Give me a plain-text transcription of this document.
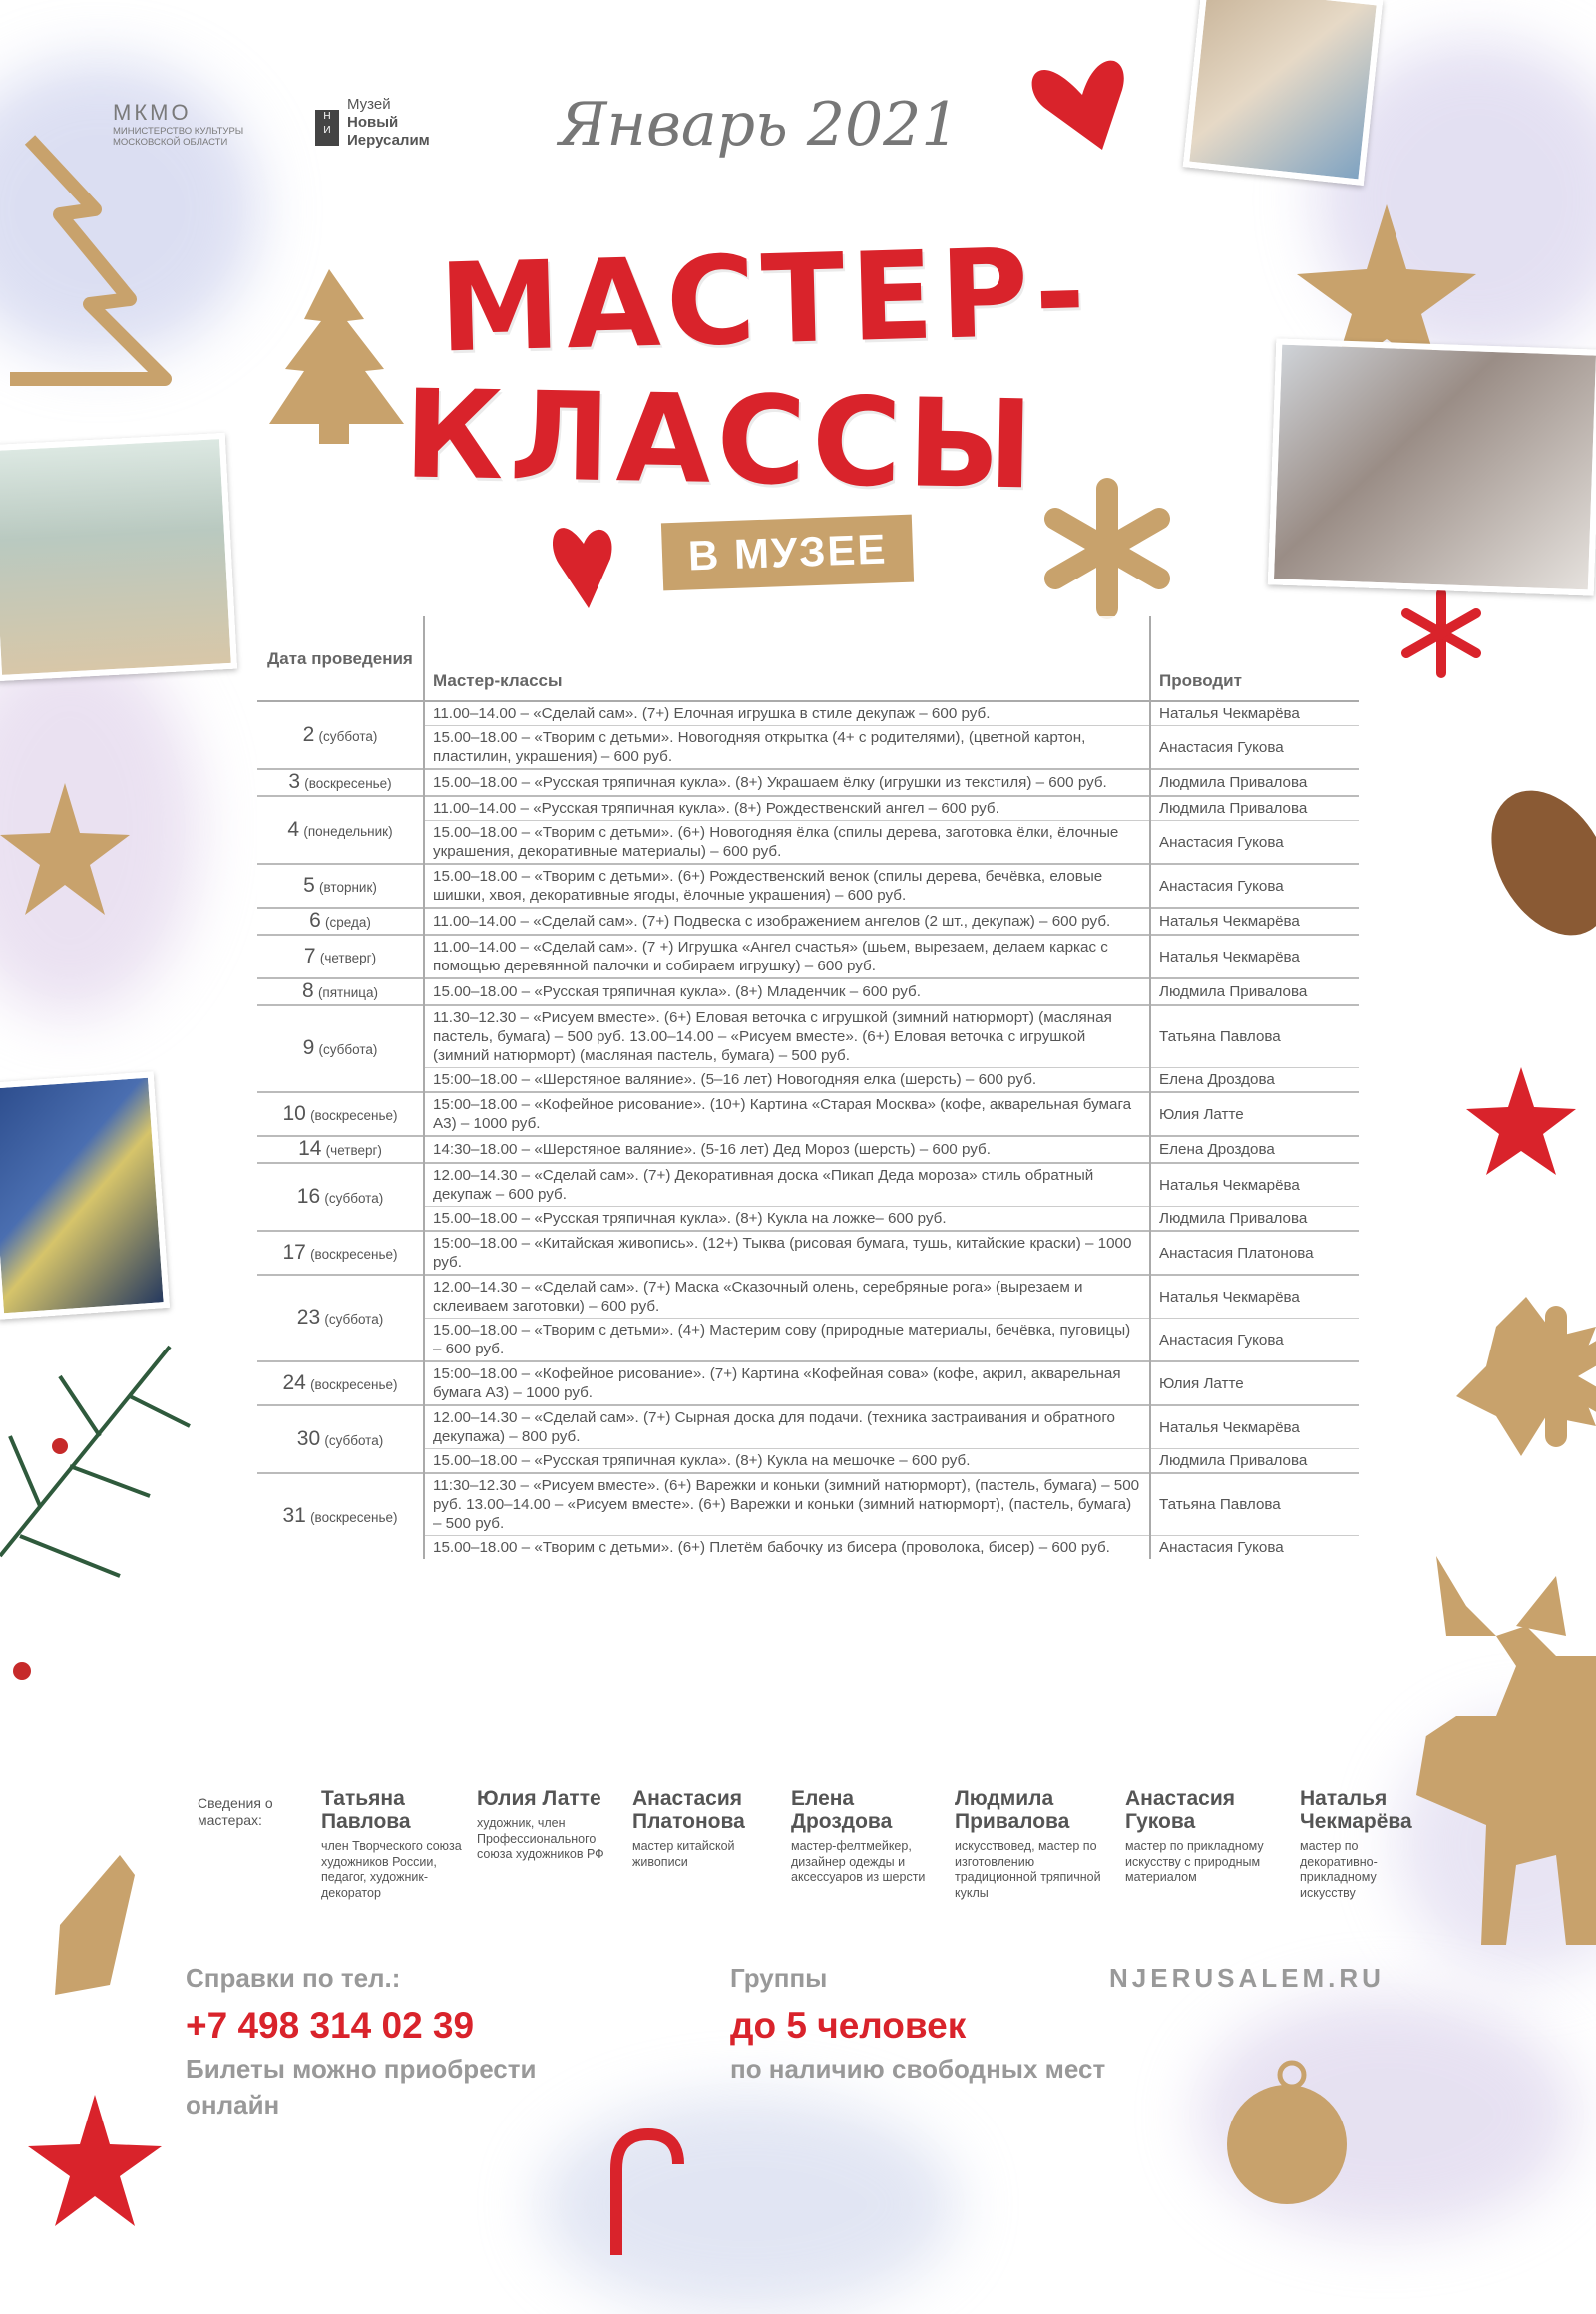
МКМО
МИНИСТЕРСТВО КУЛЬТУРЫ
МОСКОВСКОЙ ОБЛАСТИ
Н
И
Музей
Новый
Иерусалим Январь 2021
МАСТЕР-
КЛАССЫ
В МУЗЕЕ
Дата проведения	Мастер-классы	Проводит
2 (суббота)	11.00–14.00 – «Сделай сам». (7+) Елочная игрушка в стиле декупаж – 600 руб.	Наталья Чекмарёва
	15.00–18.00 – «Творим с детьми». Новогодняя открытка (4+ с родителями), (цветной картон, пластилин, украшения) – 600 руб.	Анастасия Гукова
3 (воскресенье)	15.00–18.00 – «Русская тряпичная кукла». (8+) Украшаем ёлку (игрушки из текстиля) – 600 руб.	Людмила Привалова
4 (понедельник)	11.00–14.00 – «Русская тряпичная кукла». (8+) Рождественский ангел – 600 руб.	Людмила Привалова
	15.00–18.00 – «Творим с детьми». (6+) Новогодняя ёлка (спилы дерева, заготовка ёлки, ёлочные украшения, декоративные материалы) – 600 руб.	Анастасия Гукова
5 (вторник)	15.00–18.00 – «Творим с детьми». (6+) Рождественский венок (спилы дерева, бечёвка, еловые шишки, хвоя, декоративные ягоды, ёлочные украшения) – 600 руб.	Анастасия Гукова
6 (среда)	11.00–14.00 – «Сделай сам». (7+) Подвеска с изображением ангелов (2 шт., декупаж) – 600 руб.	Наталья Чекмарёва
7 (четверг)	11.00–14.00 – «Сделай сам». (7 +) Игрушка «Ангел счастья» (шьем, вырезаем, делаем каркас с помощью деревянной палочки и собираем игрушку) – 600 руб.	Наталья Чекмарёва
8 (пятница)	15.00–18.00 – «Русская тряпичная кукла». (8+) Младенчик – 600 руб.	Людмила Привалова
9 (суббота)	11.30–12.30 – «Рисуем вместе». (6+) Еловая веточка с игрушкой (зимний натюрморт) (масляная пастель, бумага) – 500 руб. 13.00–14.00 – «Рисуем вместе». (6+) Еловая веточка с игрушкой (зимний натюрморт) (масляная пастель, бумага) – 500 руб.	Татьяна Павлова
	15:00–18.00 – «Шерстяное валяние». (5–16 лет) Новогодняя елка (шерсть) – 600 руб.	Елена Дроздова
10 (воскресенье)	15:00–18.00 – «Кофейное рисование». (10+) Картина «Старая Москва» (кофе, акварельная бумага А3) – 1000 руб.	Юлия Латте
14 (четверг)	14:30–18.00 – «Шерстяное валяние». (5-16 лет) Дед Мороз (шерсть) – 600 руб.	Елена Дроздова
16 (суббота)	12.00–14.30 – «Сделай сам». (7+) Декоративная доска «Пикап Деда мороза» стиль обратный декупаж – 600 руб.	Наталья Чекмарёва
	15.00–18.00 – «Русская тряпичная кукла». (8+) Кукла на ложке– 600 руб.	Людмила Привалова
17 (воскресенье)	15:00–18.00 – «Китайская живопись». (12+) Тыква (рисовая бумага, тушь, китайские краски) – 1000 руб.	Анастасия Платонова
23 (суббота)	12.00–14.30 – «Сделай сам». (7+) Маска «Сказочный олень, серебряные рога» (вырезаем и склеиваем заготовки) – 600 руб.	Наталья Чекмарёва
	15.00–18.00 – «Творим с детьми». (4+) Мастерим сову (природные материалы, бечёвка, пуговицы) – 600 руб.	Анастасия Гукова
24 (воскресенье)	15:00–18.00 – «Кофейное рисование». (7+) Картина «Кофейная сова» (кофе, акрил, акварельная бумага А3) – 1000 руб.	Юлия Латте
30 (суббота)	12.00–14.30 – «Сделай сам». (7+) Сырная доска для подачи. (техника застраивания и обратного декупажа) – 800 руб.	Наталья Чекмарёва
	15.00–18.00 – «Русская тряпичная кукла». (8+) Кукла на мешочке – 600 руб.	Людмила Привалова
31 (воскресенье)	11:30–12.30 – «Рисуем вместе». (6+) Варежки и коньки (зимний натюрморт), (пастель, бумага) – 500 руб. 13.00–14.00 – «Рисуем вместе». (6+) Варежки и коньки (зимний натюрморт), (пастель, бумага) – 500 руб.	Татьяна Павлова
	15.00–18.00 – «Творим с детьми». (6+) Плетём бабочку из бисера (проволока, бисер) – 600 руб.	Анастасия Гукова
Сведения о мастерах:
Татьяна Павлова
член Творческого союза художников России, педагог, художник-декоратор
Юлия Латте
художник, член Профессионального союза художников РФ
Анастасия Платонова
мастер китайской живописи
Елена Дроздова
мастер-фелтмейкер, дизайнер одежды и аксессуаров из шерсти
Людмила Привалова
искусствовед, мастер по изготовлению традиционной тряпичной куклы
Анастасия Гукова
мастер по прикладному искусству с природным материалом
Наталья Чекмарёва
мастер по декоративно-прикладному искусству
Справки по тел.:
+7 498 314 02 39
Билеты можно приобрести онлайн
Группы
до 5 человек
по наличию свободных мест
NJERUSALEM.RU
